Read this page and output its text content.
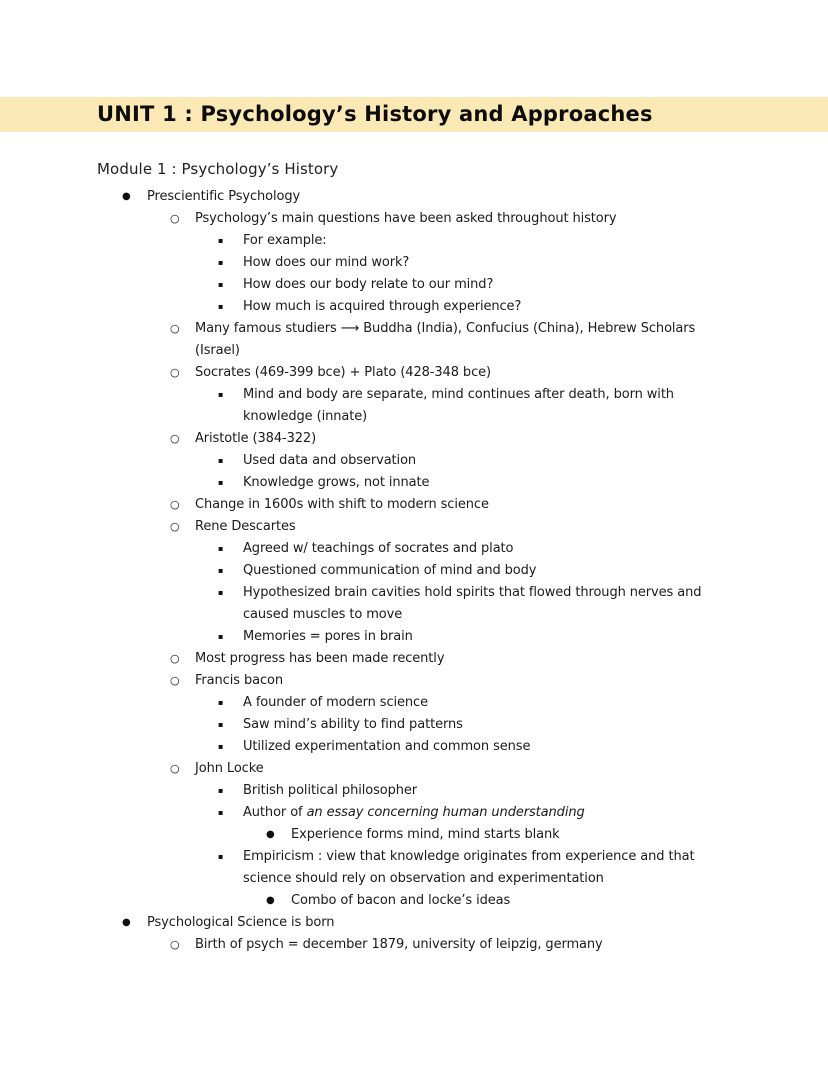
UNIT 1 : Psychology’s History and Approaches
Module 1 : Psychology’s History
●	Prescientific Psychology
○	Psychology’s main questions have been asked throughout history
▪	For example:
▪	How does our mind work?
▪	How does our body relate to our mind?
▪	How much is acquired through experience?
○	Many famous studiers ⟶ Buddha (India), Confucius (China), Hebrew Scholars (Israel)
○	Socrates (469-399 bce) + Plato (428-348 bce)
▪	Mind and body are separate, mind continues after death, born with knowledge (innate)
○	Aristotle (384-322)
▪	Used data and observation
▪	Knowledge grows, not innate
○	Change in 1600s with shift to modern science
○	Rene Descartes
▪	Agreed w/ teachings of socrates and plato
▪	Questioned communication of mind and body
▪	Hypothesized brain cavities hold spirits that flowed through nerves and caused muscles to move
▪	Memories = pores in brain
○	Most progress has been made recently
○	Francis bacon
▪	A founder of modern science
▪	Saw mind’s ability to find patterns
▪	Utilized experimentation and common sense
○	John Locke
▪	British political philosopher
▪	Author of an essay concerning human understanding
●	Experience forms mind, mind starts blank
▪	Empiricism : view that knowledge originates from experience and that science should rely on observation and experimentation
●	Combo of bacon and locke’s ideas
●	Psychological Science is born
○	Birth of psych = december 1879, university of leipzig, germany
